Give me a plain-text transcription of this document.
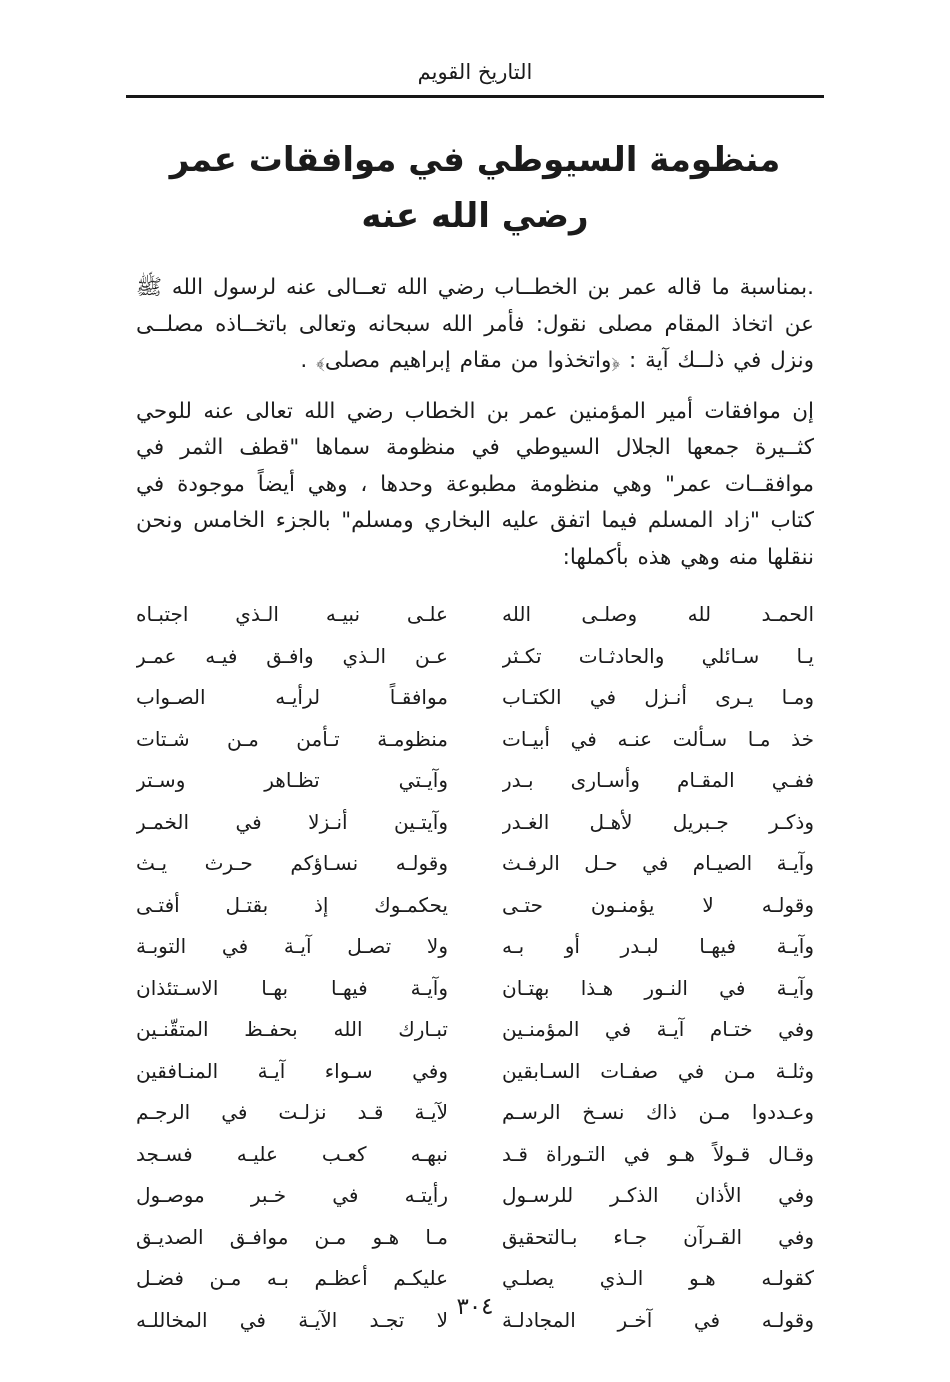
التاريخ القويم
منظومة السيوطي في موافقات عمر رضي الله عنه

.بمناسبة ما قاله عمر بن الخطــاب رضي الله تعــالى عنه لرسول الله ﷺ عن اتخاذ المقام مصلى نقول: فأمر الله سبحانه وتعالى باتخــاذه مصلــى ونزل في ذلــك آية : ﴿واتخذوا من مقام إبراهيم مصلى﴾ .

إن موافقات أمير المؤمنين عمر بن الخطاب رضي الله تعالى عنه للوحي كثــيرة جمعها الجلال السيوطي في منظومة سماها "قطف الثمر في موافقــات عمر" وهي منظومة مطبوعة وحدها ، وهي أيضاً موجودة في كتاب "زاد المسلم فيما اتفق عليه البخاري ومسلم" بالجزء الخامس ونحن ننقلها منه وهي هذه بأكملها:

الحمـد لله وصلـى الله
علـى نبيـه الـذي اجتبـاه
يـا سـائلي والحادثـات تكـثر
عـن الـذي وافـق فيـه عمـر
ومـا يـرى أنـزل في الكتـاب
موافقـاً لرأيـه الصـواب
خذ مـا سـألت عنـه في أبيـات
منظومـة تـأمن مـن شـتات
ففـي المقـام وأسـارى بـدر
وآيـتي تظـاهر وسـتر
وذكـر جـبريل لأهـل الغـدر
وآيتـين أنـزلا في الخمـر
وآيـة الصيـام في حـل الرفـث
وقولـه نسـاؤكم حـرث يـث
وقولـه لا يؤمنـون حتـى
يحكمـوك إذ بقتـل أفتـى
وآيـة فيهـا لبـدر أو بـه
ولا تصـل آيـة في التوبـة
وآيـة في النـور هـذا بهتـان
وآيـة فيهـا بهـا الاسـتئذان
وفي ختـام آيـة في المؤمنـين
تبـارك الله بحفـظ المتقّنـين
وثلـة مـن في صفـات السـابقين
وفي سـواء آيـة المنـافقين
وعـددوا مـن ذاك نسـخ الرسـم
لآيـة قـد نزلـت في الرجـم
وقـال قـولاً هـو في التـوراة قـد
نبهـه كعـب عليـه فسـجد
وفي الأذان الذكـر للرسـول
رأيتـه في خـبر موصـول
وفي القـرآن جـاء بـالتحقيق
مـا هـو مـن موافـق الصديـق
كقولـه هـو الـذي يصلـي
عليكـم أعظـم بـه مـن فضـل
وقولـه في آخـر المجادلـة
لا تجـد الآيـة في المخاللـه ٣٠٤
